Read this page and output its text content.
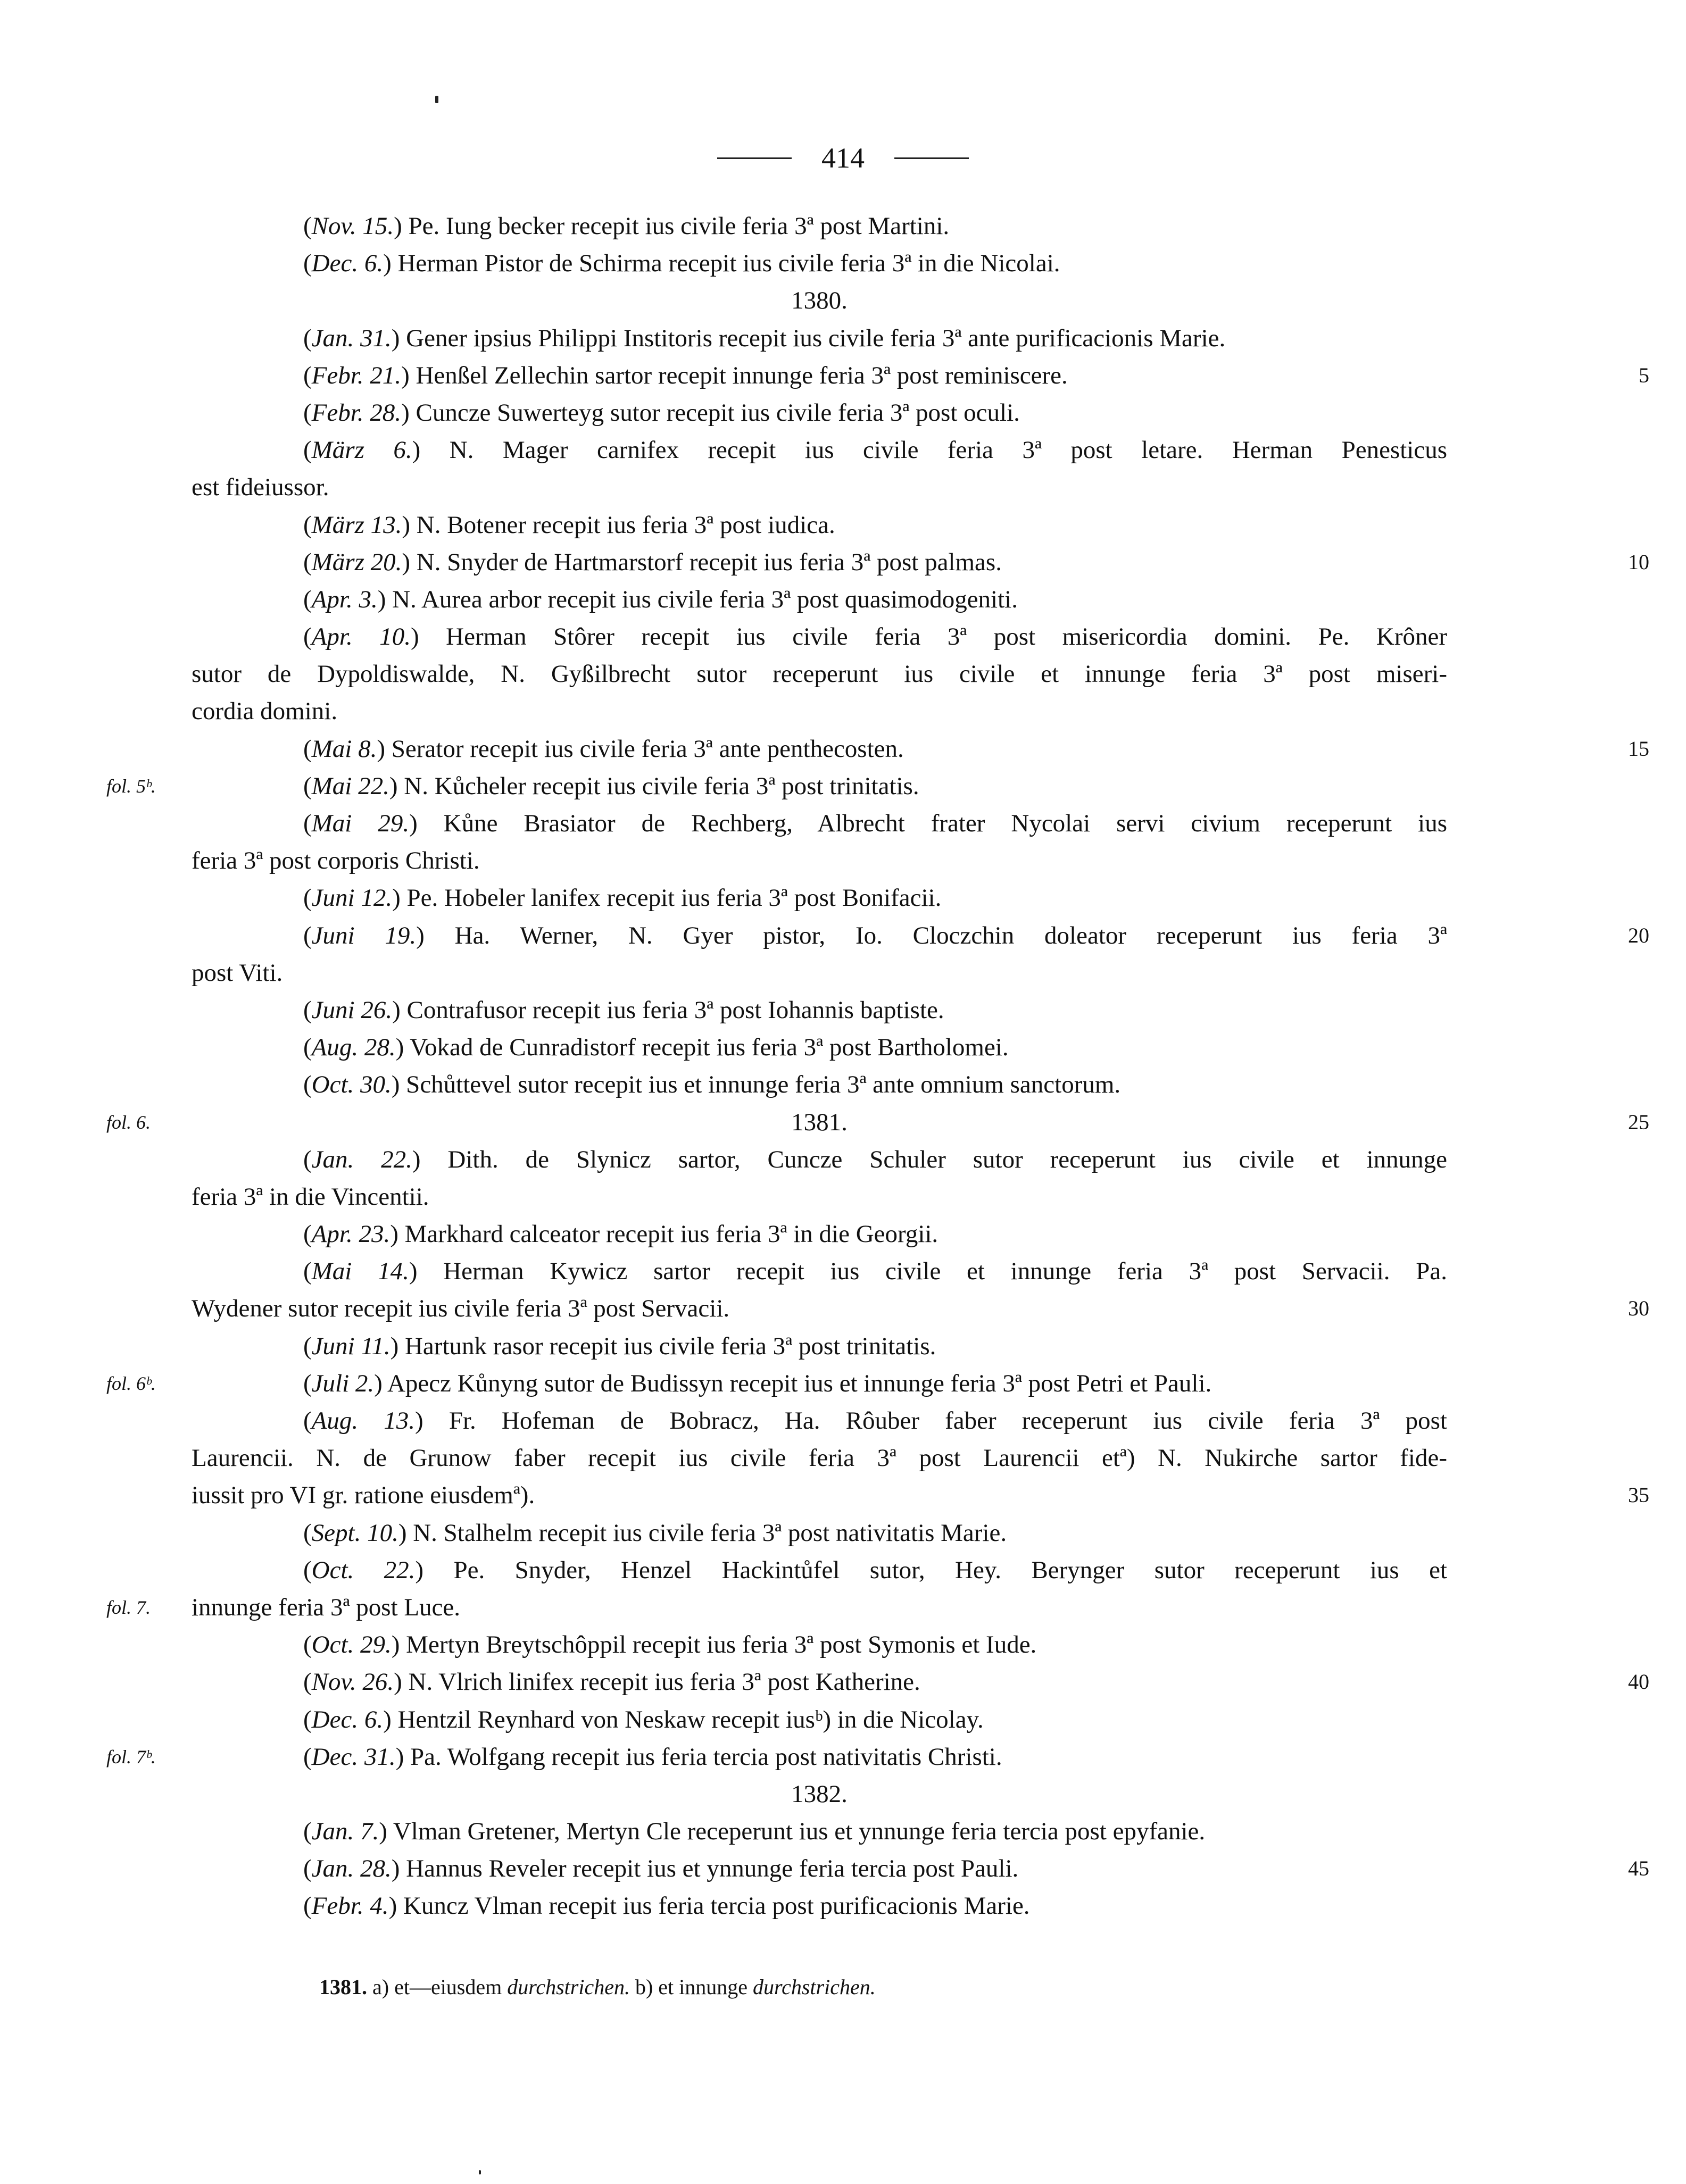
414
(Nov. 15.) Pe. Iung becker recepit ius civile feria 3ª post Martini.
(Dec. 6.) Herman Pistor de Schirma recepit ius civile feria 3ª in die Nicolai.
1380.
(Jan. 31.) Gener ipsius Philippi Institoris recepit ius civile feria 3ª ante purificacionis Marie.
(Febr. 21.) Henßel Zellechin sartor recepit innunge feria 3ª post reminiscere.	5
(Febr. 28.) Cuncze Suwerteyg sutor recepit ius civile feria 3ª post oculi.
(März 6.) N. Mager carnifex recepit ius civile feria 3ª post letare. Herman Penesticus
est fideiussor.
(März 13.) N. Botener recepit ius feria 3ª post iudica.
(März 20.) N. Snyder de Hartmarstorf recepit ius feria 3ª post palmas.	10
(Apr. 3.) N. Aurea arbor recepit ius civile feria 3ª post quasimodogeniti.
(Apr. 10.) Herman Stôrer recepit ius civile feria 3ª post misericordia domini. Pe. Krôner
sutor de Dypoldiswalde, N. Gyßilbrecht sutor receperunt ius civile et innunge feria 3ª post miseri-
cordia domini.
(Mai 8.) Serator recepit ius civile feria 3ª ante penthecosten.	15
fol. 5ᵇ.	(Mai 22.) N. Kůcheler recepit ius civile feria 3ª post trinitatis.
(Mai 29.) Kůne Brasiator de Rechberg, Albrecht frater Nycolai servi civium receperunt ius
feria 3ª post corporis Christi.
(Juni 12.) Pe. Hobeler lanifex recepit ius feria 3ª post Bonifacii.
(Juni 19.) Ha. Werner, N. Gyer pistor, Io. Cloczchin doleator receperunt ius feria 3ª	20
post Viti.
(Juni 26.) Contrafusor recepit ius feria 3ª post Iohannis baptiste.
(Aug. 28.) Vokad de Cunradistorf recepit ius feria 3ª post Bartholomei.
(Oct. 30.) Schůttevel sutor recepit ius et innunge feria 3ª ante omnium sanctorum.
fol. 6.	1381.	25
(Jan. 22.) Dith. de Slynicz sartor, Cuncze Schuler sutor receperunt ius civile et innunge
feria 3ª in die Vincentii.
(Apr. 23.) Markhard calceator recepit ius feria 3ª in die Georgii.
(Mai 14.) Herman Kywicz sartor recepit ius civile et innunge feria 3ª post Servacii. Pa.
Wydener sutor recepit ius civile feria 3ª post Servacii.	30
(Juni 11.) Hartunk rasor recepit ius civile feria 3ª post trinitatis.
fol. 6ᵇ.	(Juli 2.) Apecz Kůnyng sutor de Budissyn recepit ius et innunge feria 3ª post Petri et Pauli.
(Aug. 13.) Fr. Hofeman de Bobracz, Ha. Rôuber faber receperunt ius civile feria 3ª post
Laurencii. N. de Grunow faber recepit ius civile feria 3ª post Laurencii etª) N. Nukirche sartor fide-
iussit pro VI gr. ratione eiusdemª).	35
(Sept. 10.) N. Stalhelm recepit ius civile feria 3ª post nativitatis Marie.
(Oct. 22.) Pe. Snyder, Henzel Hackintůfel sutor, Hey. Berynger sutor receperunt ius et
fol. 7.	innunge feria 3ª post Luce.
(Oct. 29.) Mertyn Breytschôppil recepit ius feria 3ª post Symonis et Iude.
(Nov. 26.) N. Vlrich linifex recepit ius feria 3ª post Katherine.	40
(Dec. 6.) Hentzil Reynhard von Neskaw recepit iusᵇ) in die Nicolay.
fol. 7ᵇ.	(Dec. 31.) Pa. Wolfgang recepit ius feria tercia post nativitatis Christi.
1382.
(Jan. 7.) Vlman Gretener, Mertyn Cle receperunt ius et ynnunge feria tercia post epyfanie.
(Jan. 28.) Hannus Reveler recepit ius et ynnunge feria tercia post Pauli.	45
(Febr. 4.) Kuncz Vlman recepit ius feria tercia post purificacionis Marie.
1381. a) et—eiusdem durchstrichen. b) et innunge durchstrichen.
